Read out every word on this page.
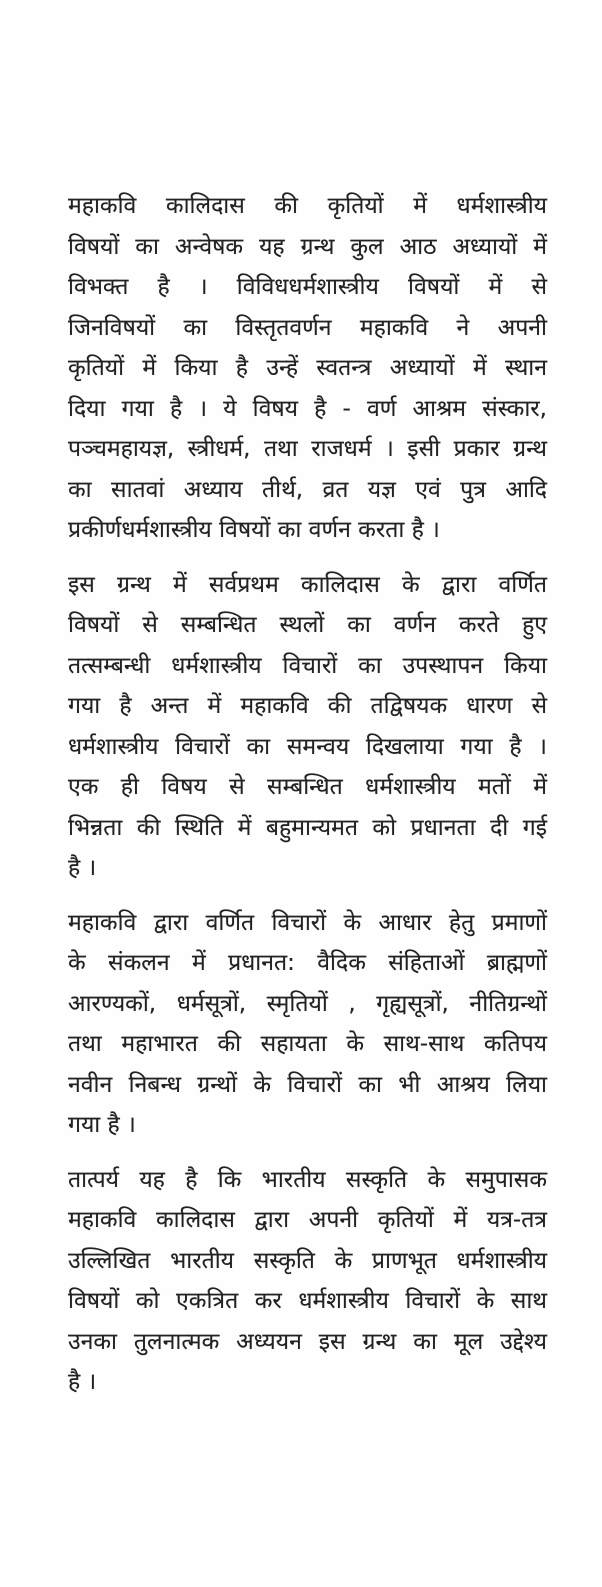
महाकवि कालिदास की कृतियों में धर्मशास्त्रीय
विषयों का अन्वेषक यह ग्रन्थ कुल आठ अध्यायों में
विभक्त है । विविधधर्मशास्त्रीय विषयों में से
जिनविषयों का विस्तृतवर्णन महाकवि ने अपनी
कृतियों में किया है उन्हें स्वतन्त्र अध्यायों में स्थान
दिया गया है । ये विषय है - वर्ण आश्रम संस्कार,
पञ्चमहायज्ञ, स्त्रीधर्म, तथा राजधर्म । इसी प्रकार ग्रन्थ
का सातवां अध्याय तीर्थ, व्रत यज्ञ एवं पुत्र आदि
प्रकीर्णधर्मशास्त्रीय विषयों का वर्णन करता है ।
इस ग्रन्थ में सर्वप्रथम कालिदास के द्वारा वर्णित
विषयों से सम्बन्धित स्थलों का वर्णन करते हुए
तत्सम्बन्धी धर्मशास्त्रीय विचारों का उपस्थापन किया
गया है अन्त में महाकवि की तद्विषयक धारण से
धर्मशास्त्रीय विचारों का समन्वय दिखलाया गया है ।
एक ही विषय से सम्बन्धित धर्मशास्त्रीय मतों में
भिन्नता की स्थिति में बहुमान्यमत को प्रधानता दी गई
है ।
महाकवि द्वारा वर्णित विचारों के आधार हेतु प्रमाणों
के संकलन में प्रधानत: वैदिक संहिताओं ब्राह्मणों
आरण्यकों, धर्मसूत्रों, स्मृतियों , गृह्यसूत्रों, नीतिग्रन्थों
तथा महाभारत की सहायता के साथ-साथ कतिपय
नवीन निबन्ध ग्रन्थों के विचारों का भी आश्रय लिया
गया है ।
तात्पर्य यह है कि भारतीय सस्कृति के समुपासक
महाकवि कालिदास द्वारा अपनी कृतियों में यत्र-तत्र
उल्लिखित भारतीय सस्कृति के प्राणभूत धर्मशास्त्रीय
विषयों को एकत्रित कर धर्मशास्त्रीय विचारों के साथ
उनका तुलनात्मक अध्ययन इस ग्रन्थ का मूल उद्देश्य
है ।
